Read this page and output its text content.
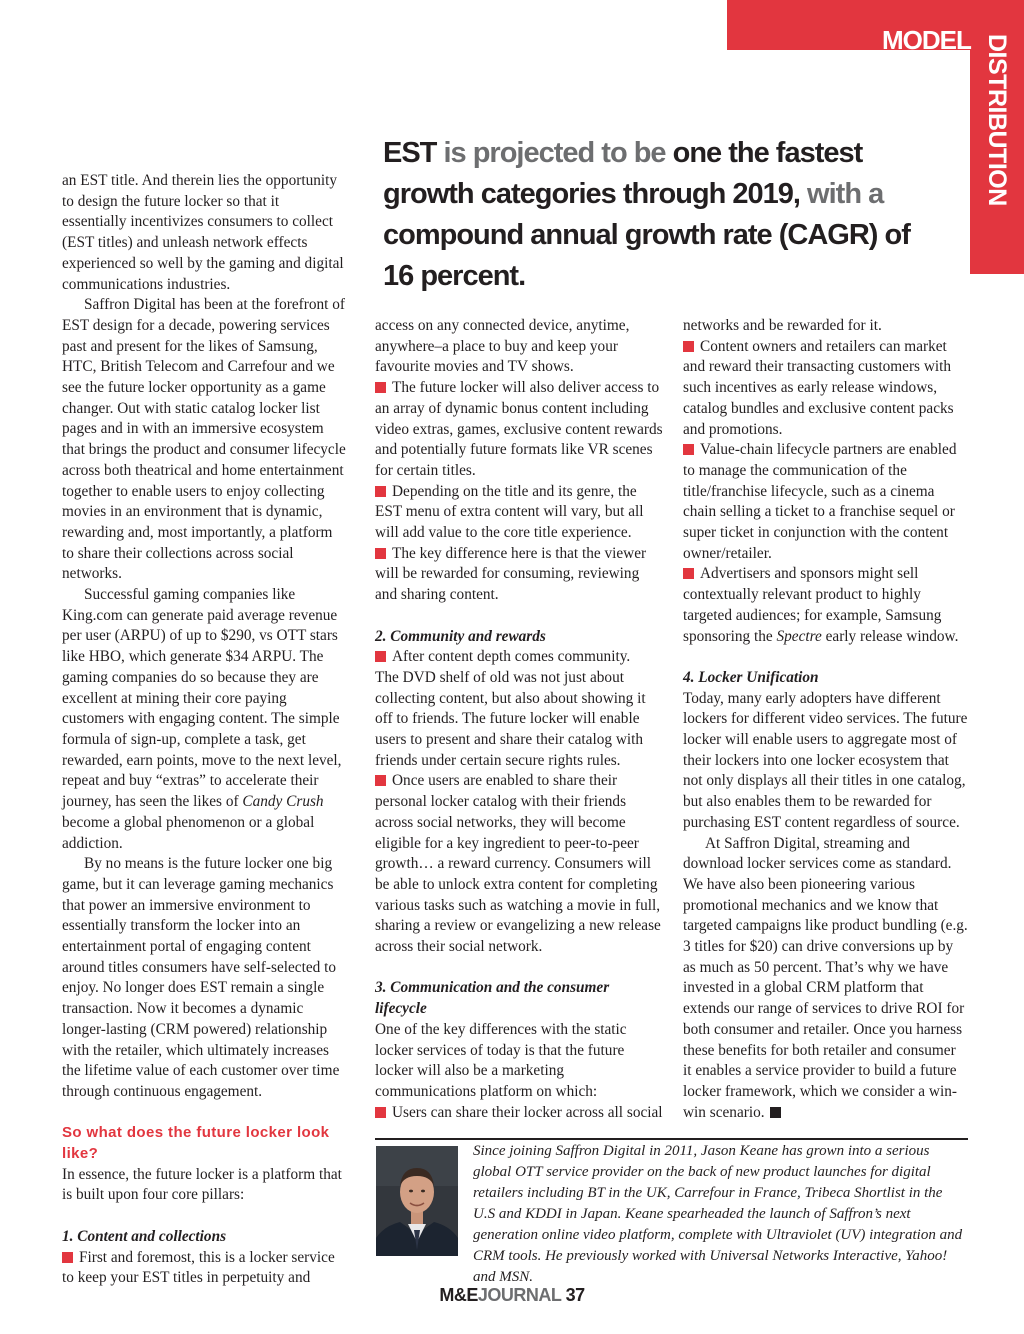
MODEL DISTRIBUTION
EST is projected to be one the fastest growth categories through 2019, with a compound annual growth rate (CAGR) of 16 percent.

an EST title. And therein lies the opportunity to design the future locker so that it essentially incentivizes consumers to collect (EST titles) and unleash network effects experienced so well by the gaming and digital communications industries.

Saffron Digital has been at the forefront of EST design for a decade, powering services past and present for the likes of Samsung, HTC, British Telecom and Carrefour and we see the future locker opportunity as a game changer. Out with static catalog locker list pages and in with an immersive ecosystem that brings the product and consumer lifecycle across both theatrical and home entertainment together to enable users to enjoy collecting movies in an environment that is dynamic, rewarding and, most importantly, a platform to share their collections across social networks.

Successful gaming companies like King.com can generate paid average revenue per user (ARPU) of up to $290, vs OTT stars like HBO, which generate $34 ARPU. The gaming companies do so because they are excellent at mining their core paying customers with engaging content. The simple formula of sign-up, complete a task, get rewarded, earn points, move to the next level, repeat and buy “extras” to accelerate their journey, has seen the likes of Candy Crush become a global phenomenon or a global addiction.

By no means is the future locker one big game, but it can leverage gaming mechanics that power an immersive environment to essentially transform the locker into an entertainment portal of engaging content around titles consumers have self-selected to enjoy. No longer does EST remain a single transaction. Now it becomes a dynamic longer-lasting (CRM powered) relationship with the retailer, which ultimately increases the lifetime value of each customer over time through continuous engagement.

So what does the future locker look like?

In essence, the future locker is a platform that is built upon four core pillars:

1. Content and collections

First and foremost, this is a locker service to keep your EST titles in perpetuity and

access on any connected device, anytime, anywhere–a place to buy and keep your favourite movies and TV shows.

The future locker will also deliver access to an array of dynamic bonus content including video extras, games, exclusive content rewards and potentially future formats like VR scenes for certain titles.

Depending on the title and its genre, the EST menu of extra content will vary, but all will add value to the core title experience.

The key difference here is that the viewer will be rewarded for consuming, reviewing and sharing content.

2. Community and rewards

After content depth comes community.

The DVD shelf of old was not just about collecting content, but also about showing it off to friends. The future locker will enable users to present and share their catalog with friends under certain secure rights rules.

Once users are enabled to share their personal locker catalog with their friends across social networks, they will become eligible for a key ingredient to peer-to-peer growth… a reward currency. Consumers will be able to unlock extra content for completing various tasks such as watching a movie in full, sharing a review or evangelizing a new release across their social network.

3. Communication and the consumer lifecycle

One of the key differences with the static locker services of today is that the future locker will also be a marketing communications platform on which:

Users can share their locker across all social

networks and be rewarded for it.

Content owners and retailers can market and reward their transacting customers with such incentives as early release windows, catalog bundles and exclusive content packs and promotions.

Value-chain lifecycle partners are enabled to manage the communication of the title/franchise lifecycle, such as a cinema chain selling a ticket to a franchise sequel or super ticket in conjunction with the content owner/retailer.

Advertisers and sponsors might sell contextually relevant product to highly targeted audiences; for example, Samsung sponsoring the Spectre early release window.

4. Locker Unification

Today, many early adopters have different lockers for different video services. The future locker will enable users to aggregate most of their lockers into one locker ecosystem that not only displays all their titles in one catalog, but also enables them to be rewarded for purchasing EST content regardless of source.

At Saffron Digital, streaming and download locker services come as standard. We have also been pioneering various promotional mechanics and we know that targeted campaigns like product bundling (e.g. 3 titles for $20) can drive conversions up by as much as 50 percent. That’s why we have invested in a global CRM platform that extends our range of services to drive ROI for both consumer and retailer. Once you harness these benefits for both retailer and consumer it enables a service provider to build a future locker framework, which we consider a win-win scenario.

Since joining Saffron Digital in 2011, Jason Keane has grown into a serious global OTT service provider on the back of new product launches for digital retailers including BT in the UK, Carrefour in France, Tribeca Shortlist in the U.S and KDDI in Japan. Keane spearheaded the launch of Saffron’s next generation online video platform, complete with Ultraviolet (UV) integration and CRM tools. He previously worked with Universal Networks Interactive, Yahoo! and MSN.
M&EJOURNAL 37
